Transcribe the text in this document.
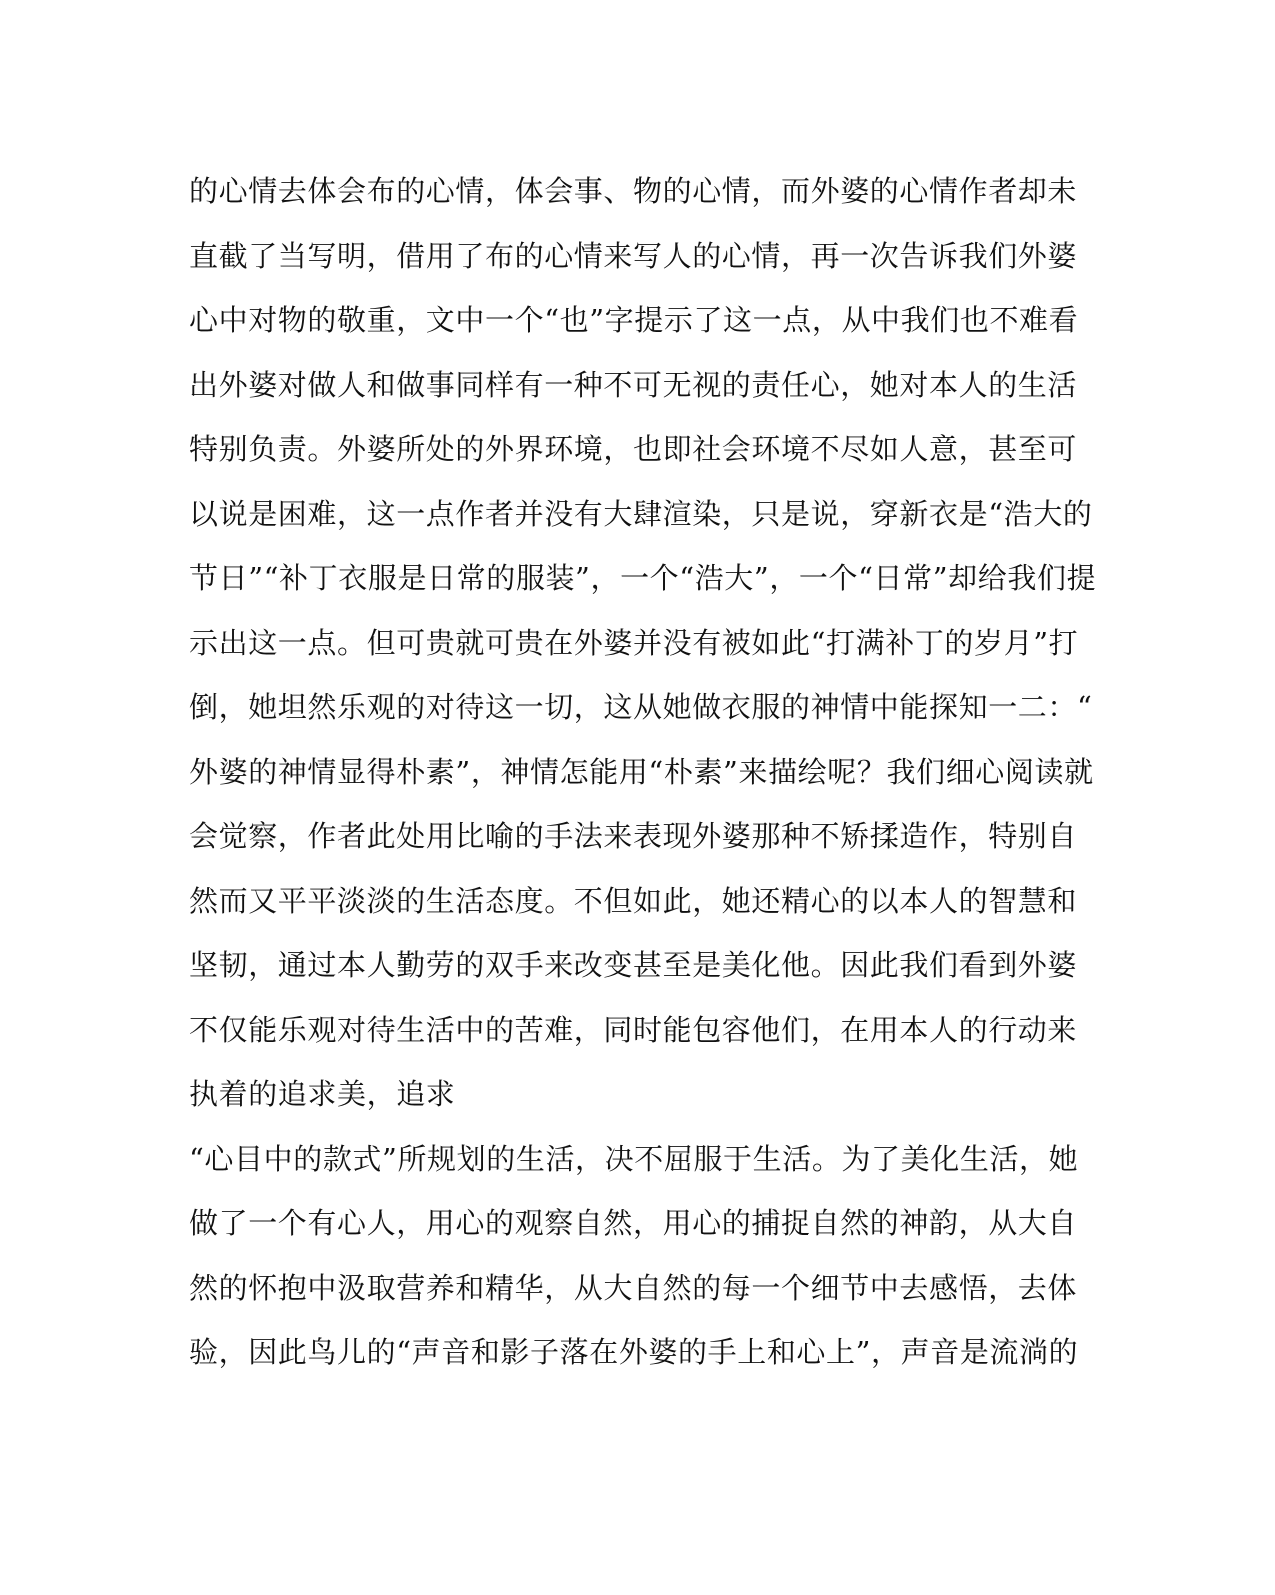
的心情去体会布的心情，体会事、物的心情，而外婆的心情作者却未
直截了当写明，借用了布的心情来写人的心情，再一次告诉我们外婆
心中对物的敬重，文中一个“也”字提示了这一点，从中我们也不难看
出外婆对做人和做事同样有一种不可无视的责任心，她对本人的生活
特别负责。外婆所处的外界环境，也即社会环境不尽如人意，甚至可
以说是困难，这一点作者并没有大肆渲染，只是说，穿新衣是“浩大的
节日”“补丁衣服是日常的服装”，一个“浩大”，一个“日常”却给我们提
示出这一点。但可贵就可贵在外婆并没有被如此“打满补丁的岁月”打
倒，她坦然乐观的对待这一切，这从她做衣服的神情中能探知一二：“
外婆的神情显得朴素”，神情怎能用“朴素”来描绘呢？我们细心阅读就
会觉察，作者此处用比喻的手法来表现外婆那种不矫揉造作，特别自
然而又平平淡淡的生活态度。不但如此，她还精心的以本人的智慧和
坚韧，通过本人勤劳的双手来改变甚至是美化他。因此我们看到外婆
不仅能乐观对待生活中的苦难，同时能包容他们，在用本人的行动来
执着的追求美，追求
“心目中的款式”所规划的生活，决不屈服于生活。为了美化生活，她
做了一个有心人，用心的观察自然，用心的捕捉自然的神韵，从大自
然的怀抱中汲取营养和精华，从大自然的每一个细节中去感悟，去体
验，因此鸟儿的“声音和影子落在外婆的手上和心上”，声音是流淌的
